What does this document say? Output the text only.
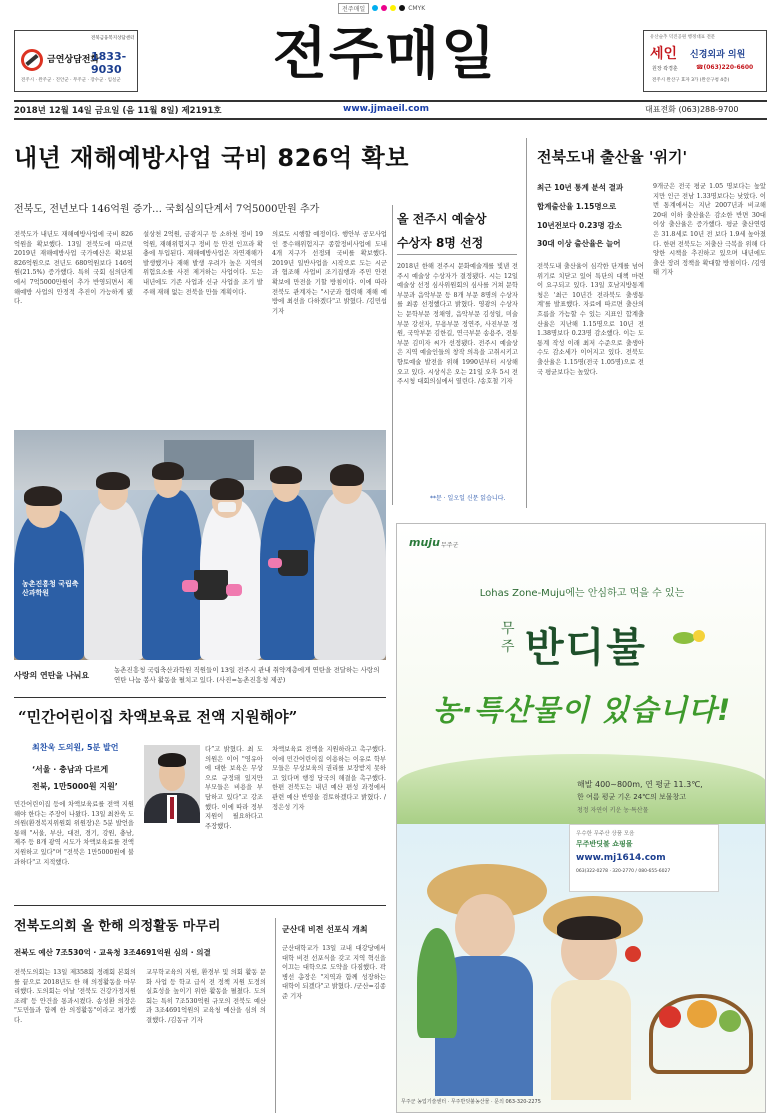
전주매일	CMYK
전북금융복지상담센터
금연상담전화
1833-9030
전주시 · 완주군 · 진안군 · 무주군 · 장수군 · 임실군	전주매일	유산슬추 덕진공원 행정대표 전문
세인 신경외과 의원
원장 곽경훈	☎(063)220-6600
전주시 완산구 효자 3가 (완산구청 4층)
2018년 12월 14일 금요일 (음 11월 8일) 제2191호	www.jjmaeil.com	대표전화 (063)288-9700
내년 재해예방사업 국비 826억 확보
전북도, 전년보다 146억원 증가… 국회심의단계서 7억5000만원 추가
전북도가 내년도 재해예방사업에 국비 826억원을 확보했다. 13일 전북도에 따르면 2019년 재해예방사업 국가예산은 확보된 826억원으로 전년도 680억원보다 146억원(21.5%) 증가했다. 특히 국회 심의단계에서 7억5000만원이 추가 반영되면서 재해예방 사업의 안정적 추진이 가능하게 됐다.
설상천 2억원, 금광지구 등 소하천 정비 19억원, 재해위험지구 정비 등 안전 인프라 확충에 투입된다. 재해예방사업은 자연재해가 발생했거나 재해 발생 우려가 높은 지역의 위험요소를 사전 제거하는 사업이다. 도는 내년에도 기존 사업과 신규 사업을 조기 발주해 재해 없는 전북을 만들 계획이다.
의료도 시행할 예정이다. 행안부 공모사업인 풍수해위험지구 종합정비사업에 도내 4개 지구가 선정돼 국비를 확보했다. 2019년 일반사업을 시작으로 도는 시군과 협조해 사업비 조기집행과 주민 안전 확보에 만전을 기할 방침이다. 이에 따라 전북도 관계자는 "시군과 협력해 재해 예방에 최선을 다하겠다"고 밝혔다. /김민섭 기자
올 전주시 예술상
수상자 8명 선정
2018년 한해 전주시 문화예술계를 빛낸 전주시 예술상 수상자가 결정됐다. 시는 12일 예술상 선정 심사위원회의 심사를 거쳐 문학부문과 음악부문 등 8개 부문 8명의 수상자를 최종 선정했다고 밝혔다. 영광의 수상자는 문학부문 정채영, 음악부문 김성일, 미술부문 강선자, 무용부문 정연주, 사진부문 정원, 국악부문 김한길, 연극부문 송용주, 전통부문 김미자 씨가 선정됐다. 전주시 예술상은 지역 예술인들의 창작 의욕을 고취시키고 향토예술 발전을 위해 1990년부터 시상해오고 있다. 시상식은 오는 21일 오후 5시 전주시청 대회의실에서 열린다. /송호철 기자
**문 · 일오일 신문 읽습니다.
전북도내 출산율 '위기'
최근 10년 통계 분석 결과
합계출산율 1.15명으로
10년전보다 0.23명 감소
30대 이상 출산율은 늘어
전북도내 출산율이 심각한 단계를 넘어 위기로 치닫고 있어 특단의 대책 마련이 요구되고 있다. 13일 호남지방통계청은 '최근 10년간 전라북도 출생통계'를 발표했다. 자료에 따르면 출산의 흐름을 가늠할 수 있는 지표인 합계출산율은 지난해 1.15명으로 10년 전 1.38명보다 0.23명 감소했다. 이는 도 통계 작성 이래 최저 수준으로 출생아 수도 감소세가 이어지고 있다. 전북도 출산율은 1.15명(전국 1.05명)으로 전국 평균보다는 높았다.
9개군은 전국 평균 1.05 명보다는 높았지만 인근 전남 1.33명보다는 낮았다. 이번 통계에서는 지난 2007년과 비교해 20대 이하 출산율은 감소한 반면 30대 이상 출산율은 증가했다. 평균 출산연령은 31.8세로 10년 전 보다 1.9세 높아졌다. 한편 전북도는 저출산 극복을 위해 다양한 시책을 추진하고 있으며 내년에도 출산 장려 정책을 확대할 방침이다. /김영태 기자
농촌진흥청 국립축산과학원
사랑의 연탄을 나눠요
농촌진흥청 국립축산과학원 직원들이 13일 전주시 관내 취약계층에게 연탄을 전달하는 사랑의 연탄 나눔 봉사 활동을 펼치고 있다. (사진=농촌진흥청 제공)
“민간어린이집 차액보육료 전액 지원해야”
최찬욱 도의원, 5분 발언
‘서울 · 충남과 다르게
전북, 1만5000원 지원’
민간어린이집 등에 차액보육료를 전액 지원해야 한다는 주장이 나왔다. 13일 최찬욱 도의원(환경복지위원회 위원장)은 5분 발언을 통해 "서울, 부산, 대전, 경기, 강원, 충남, 제주 등 8개 광역 시도가 차액보육료를 전액 지원하고 있다"며 "전북은 1만5000원에 불과하다"고 지적했다.
다”고 밝혔다. 최 도의원은 이어 "영유아에 대한 보육은 무상으로 규정돼 있지만 부모들은 비용을 부담하고 있다"고 강조했다. 이에 따라 정부 지원이 필요하다고 주장했다.
차액보육료 전액을 지원하라고 촉구했다. 이에 민간어린이집 이용하는 이유로 학부모들은 무상보육의 권리를 보장받지 못하고 있다며 행정 당국의 해결을 촉구했다. 한편 전북도는 내년 예산 편성 과정에서 관련 예산 반영을 검토하겠다고 밝혔다. /정은성 기자
전북도의회 올 한해 의정활동 마무리
전북도 예산 7조530억 · 교육청 3조4691억원 심의 · 의결
전북도의회는 13일 제358회 정례회 본회의를 끝으로 2018년도 한 해 의정활동을 마무리했다. 도의회는 이날 '전북도 건강가정지원 조례' 등 안건을 통과시켰다. 송성환 의장은 "도민들과 함께 한 의정활동"이라고 평가했다.
교무학교육의 지원, 환경부 및 의회 활동 문화 사업 등 학교 급식 전 정책 지원 도정의 실효성을 높이기 위한 활동을 펼쳤다. 도의회는 특히 7조530억원 규모의 전북도 예산과 3조4691억원의 교육청 예산을 심의 의결했다. /김동규 기자
군산대 비전 선포식 개최
군산대학교가 13일 교내 대강당에서 대학 비전 선포식을 갖고 지역 혁신을 이끄는 대학으로 도약을 다짐했다. 곽병선 총장은 "지역과 함께 성장하는 대학이 되겠다"고 밝혔다. /군산=김종준 기자
muju 무주군
Lohas Zone-Muju에는 안심하고 먹을 수 있는
무주 반디불
농·특산물이 있습니다!
해발 400~800m, 연 평균 11.3℃,
한 여름 평균 기온 24℃의 보물창고
청정 자연이 키운 농·특산물
우수한 무주산 상품 모음
무주반딧불 쇼핑몰
www.mj1614.com
063)322-0278 · 320-2770 / 080-655-6027
무주군 농업기술센터 · 무주반딧불농산물 · 문의 063-320-2275
